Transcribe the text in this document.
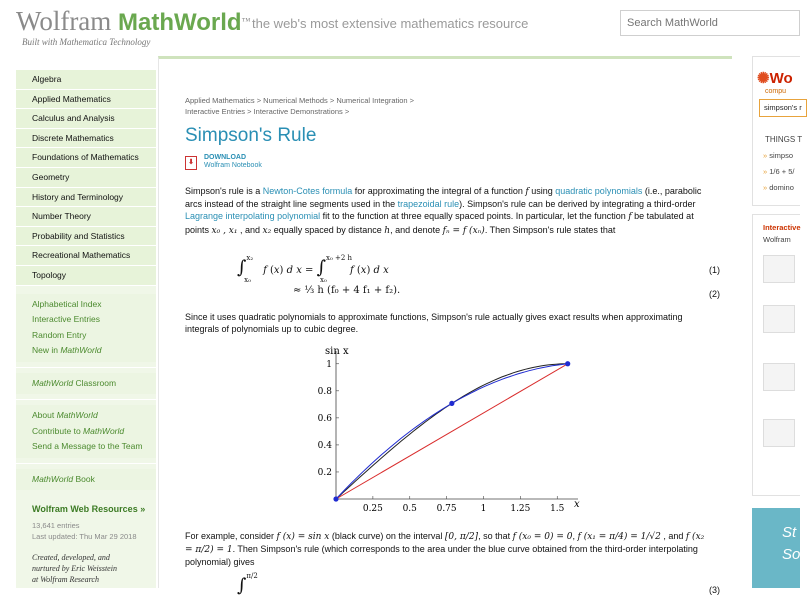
Wolfram MathWorld™
Built with Mathematica Technology
the web's most extensive mathematics resource
Search MathWorld
Algebra
Applied Mathematics
Calculus and Analysis
Discrete Mathematics
Foundations of Mathematics
Geometry
History and Terminology
Number Theory
Probability and Statistics
Recreational Mathematics
Topology
Alphabetical Index
Interactive Entries
Random Entry
New in MathWorld
MathWorld Classroom
About MathWorld
Contribute to MathWorld
Send a Message to the Team
MathWorld Book
Wolfram Web Resources »
13,641 entries
Last updated: Thu Mar 29 2018
Created, developed, and
nurtured by Eric Weisstein
at Wolfram Research
Applied Mathematics > Numerical Methods > Numerical Integration >
Interactive Entries > Interactive Demonstrations >
Simpson's Rule
⬇
DOWNLOAD
Wolfram Notebook
Simpson's rule is a Newton-Cotes formula for approximating the integral of a function f using quadratic polynomials (i.e., parabolic arcs instead of the straight line segments used in the trapezoidal rule). Simpson's rule can be derived by integrating a third-order Lagrange interpolating polynomial fit to the function at three equally spaced points. In particular, let the function f be tabulated at points x₀ , x₁ , and x₂ equally spaced by distance h, and denote fₙ = f (xₙ). Then Simpson's rule states that
∫$^{x_2}_{x_0}$ f (x) d x = ∫$^{x_0 +2 h}_{x_0}$ f (x) d x	(1)
≈ ⅓ h (f₀ + 4 f₁ + f₂).	(2)
Since it uses quadratic polynomials to approximate functions, Simpson's rule actually gives exact results when approximating integrals of polynomials up to cubic degree.
0.25 0.5 0.75	1	1.25 1.5
0.2
0.4
0.6
0.8
1
sin x
x
For example, consider f (x) = sin x (black curve) on the interval [0, π/2], so that f (x₀ = 0) = 0, f (x₁ = π/4) = 1/√2 , and f (x₂ = π/2) = 1. Then Simpson's rule (which corresponds to the area under the blue curve obtained from the third-order interpolating polynomial) gives
∫$^{\pi/2}$
(3)
✺Wo
compu
simpson's r
THINGS T
» simpso
» 1/6 + 5/
» domino
Interactive
Wolfram
St
So
